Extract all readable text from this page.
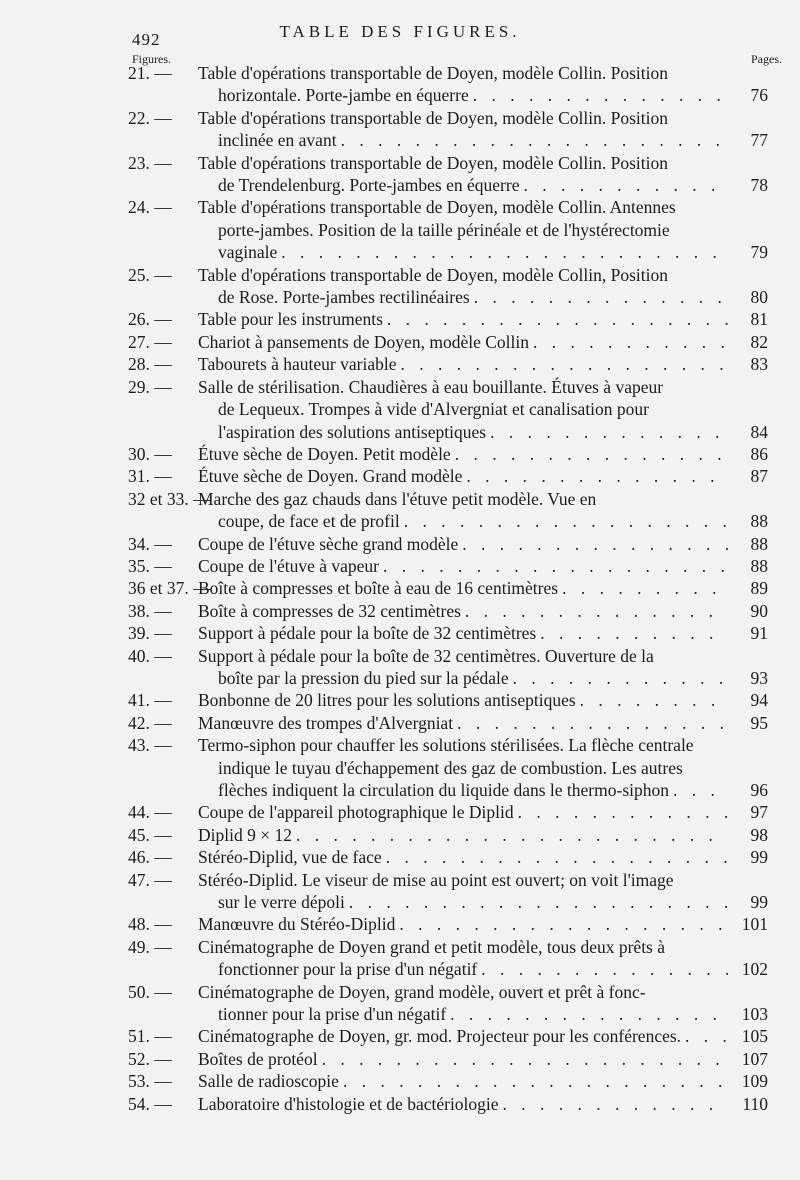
492	TABLE DES FIGURES.
Figures.	Pages.
21. —	Table d'opérations transportable de Doyen, modèle Collin. Position
horizontale. Porte-jambe en équerre . . .	76
22. —	Table d'opérations transportable de Doyen, modèle Collin. Position
inclinée en avant . . .	77
23. —	Table d'opérations transportable de Doyen, modèle Collin. Position
de Trendelenburg. Porte-jambes en équerre . . .	78
24. —	Table d'opérations transportable de Doyen, modèle Collin. Antennes
porte-jambes. Position de la taille périnéale et de l'hystérectomie
vaginale . . .	79
25. —	Table d'opérations transportable de Doyen, modèle Collin, Position
de Rose. Porte-jambes rectilinéaires . . .	80
26. — Table pour les instruments . . .	81
27. — Chariot à pansements de Doyen, modèle Collin . . .	82
28. — Tabourets à hauteur variable . . .	83
29. —	Salle de stérilisation. Chaudières à eau bouillante. Étuves à vapeur
de Lequeux. Trompes à vide d'Alvergniat et canalisation pour
l'aspiration des solutions antiseptiques . . .	84
30. — Étuve sèche de Doyen. Petit modèle . . .	86
31. — Étuve sèche de Doyen. Grand modèle . . .	87
32 et 33. —
Marche des gaz chauds dans l'étuve petit modèle. Vue en
coupe, de face et de profil . . .	88
34. — Coupe de l'étuve sèche grand modèle . . .	88
35. — Coupe de l'étuve à vapeur . . .	88
36 et 37. —
Boîte à compresses et boîte à eau de 16 centimètres . . .	89
38. — Boîte à compresses de 32 centimètres . . .	90
39. — Support à pédale pour la boîte de 32 centimètres . . .	91
40. —	Support à pédale pour la boîte de 32 centimètres. Ouverture de la
boîte par la pression du pied sur la pédale . . .	93
41. — Bonbonne de 20 litres pour les solutions antiseptiques . . .	94
42. — Manœuvre des trompes d'Alvergniat . . .	95
43. —	Termo-siphon pour chauffer les solutions stérilisées. La flèche centrale
indique le tuyau d'échappement des gaz de combustion. Les autres
flèches indiquent la circulation du liquide dans le thermo-siphon . . .	96
44. — Coupe de l'appareil photographique le Diplid . . .	97
45. — Diplid 9 × 12 . . .	98
46. — Stéréo-Diplid, vue de face . . .	99
47. —	Stéréo-Diplid. Le viseur de mise au point est ouvert; on voit l'image
sur le verre dépoli . . .	99
48. — Manœuvre du Stéréo-Diplid . . .	101
49. —	Cinématographe de Doyen grand et petit modèle, tous deux prêts à
fonctionner pour la prise d'un négatif . . .	102
50. —	Cinématographe de Doyen, grand modèle, ouvert et prêt à fonc-
tionner pour la prise d'un négatif . . .	103
51. — Cinématographe de Doyen, gr. mod. Projecteur pour les conférences. . . .	105
52. — Boîtes de protéol . . .	107
53. — Salle de radioscopie . . .	109
54. — Laboratoire d'histologie et de bactériologie . . .	110
